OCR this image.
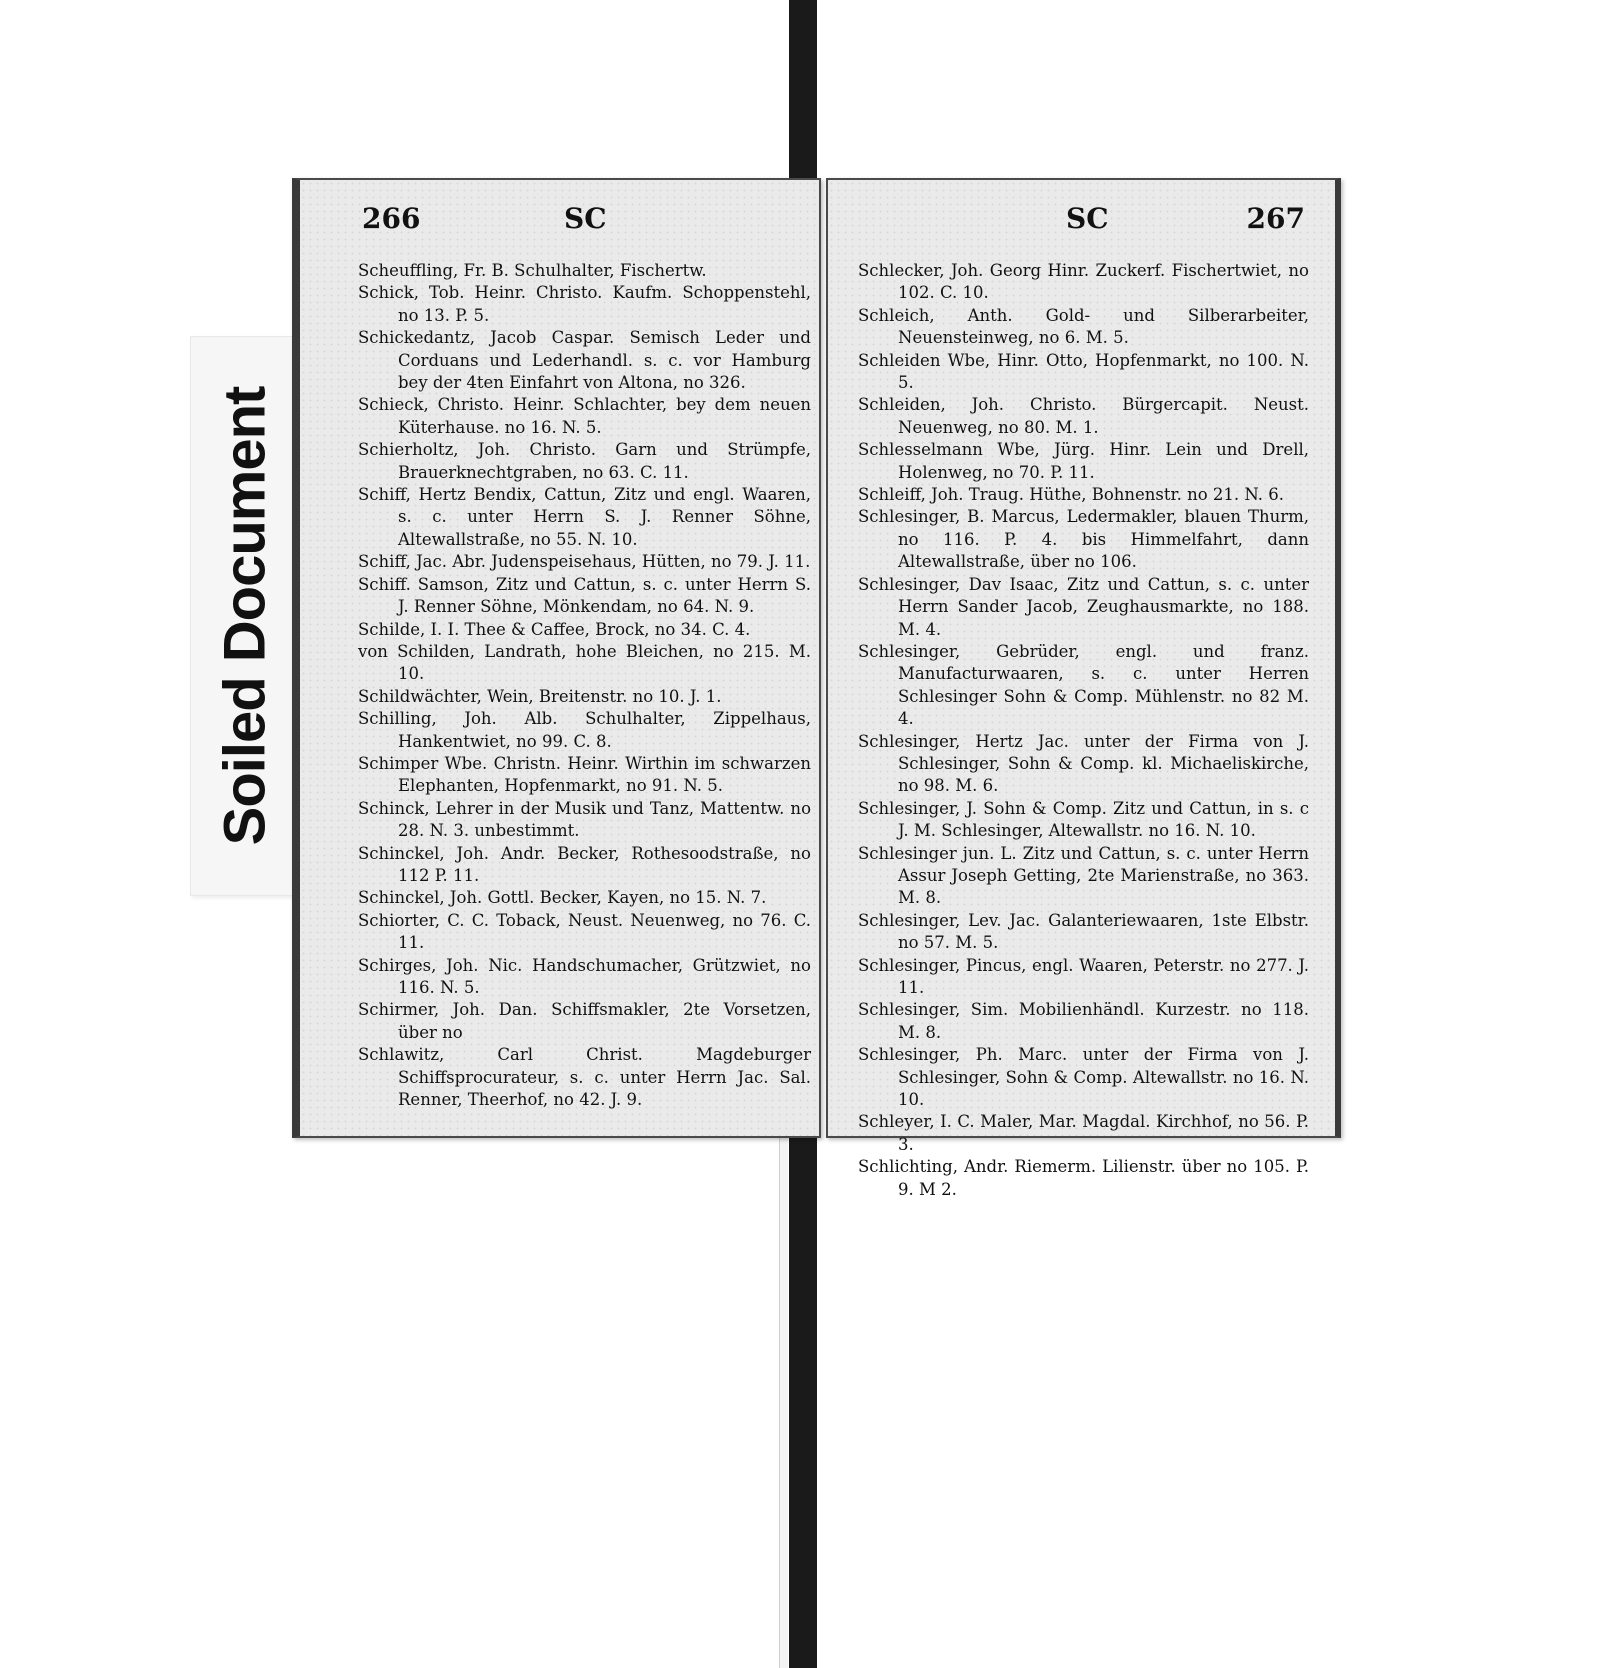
Soiled Document
266	SC
Scheuffling, Fr. B. Schulhalter, Fischertw.
Schick, Tob. Heinr. Christo. Kaufm. Schoppenstehl, no 13. P. 5.
Schickedantz, Jacob Caspar. Semisch Leder und Corduans und Lederhandl. s. c. vor Hamburg bey der 4ten Einfahrt von Altona, no 326.
Schieck, Christo. Heinr. Schlachter, bey dem neuen Küterhause. no 16. N. 5.
Schierholtz, Joh. Christo. Garn und Strümpfe, Brauerknechtgraben, no 63. C. 11.
Schiff, Hertz Bendix, Cattun, Zitz und engl. Waaren, s. c. unter Herrn S. J. Renner Söhne, Altewallstraße, no 55. N. 10.
Schiff, Jac. Abr. Judenspeisehaus, Hütten, no 79. J. 11.
Schiff. Samson, Zitz und Cattun, s. c. unter Herrn S. J. Renner Söhne, Mönkendam, no 64. N. 9.
Schilde, I. I. Thee & Caffee, Brock, no 34. C. 4.
von Schilden, Landrath, hohe Bleichen, no 215. M. 10.
Schildwächter, Wein, Breitenstr. no 10. J. 1.
Schilling, Joh. Alb. Schulhalter, Zippelhaus, Hankentwiet, no 99. C. 8.
Schimper Wbe. Christn. Heinr. Wirthin im schwarzen Elephanten, Hopfenmarkt, no 91. N. 5.
Schinck, Lehrer in der Musik und Tanz, Mattentw. no 28. N. 3. unbestimmt.
Schinckel, Joh. Andr. Becker, Rothesoodstraße, no 112 P. 11.
Schinckel, Joh. Gottl. Becker, Kayen, no 15. N. 7.
Schiorter, C. C. Toback, Neust. Neuenweg, no 76. C. 11.
Schirges, Joh. Nic. Handschumacher, Grützwiet, no 116. N. 5.
Schirmer, Joh. Dan. Schiffsmakler, 2te Vorsetzen, über no
Schlawitz, Carl Christ. Magdeburger Schiffsprocurateur, s. c. unter Herrn Jac. Sal. Renner, Theerhof, no 42. J. 9.
267
SC
Schlecker, Joh. Georg Hinr. Zuckerf. Fischertwiet, no 102. C. 10.
Schleich, Anth. Gold- und Silberarbeiter, Neuensteinweg, no 6. M. 5.
Schleiden Wbe, Hinr. Otto, Hopfenmarkt, no 100. N. 5.
Schleiden, Joh. Christo. Bürgercapit. Neust. Neuenweg, no 80. M. 1.
Schlesselmann Wbe, Jürg. Hinr. Lein und Drell, Holenweg, no 70. P. 11.
Schleiff, Joh. Traug. Hüthe, Bohnenstr. no 21. N. 6.
Schlesinger, B. Marcus, Ledermakler, blauen Thurm, no 116. P. 4. bis Himmelfahrt, dann Altewallstraße, über no 106.
Schlesinger, Dav Isaac, Zitz und Cattun, s. c. unter Herrn Sander Jacob, Zeughausmarkte, no 188. M. 4.
Schlesinger, Gebrüder, engl. und franz. Manufacturwaaren, s. c. unter Herren Schlesinger Sohn & Comp. Mühlenstr. no 82 M. 4.
Schlesinger, Hertz Jac. unter der Firma von J. Schlesinger, Sohn & Comp. kl. Michaeliskirche, no 98. M. 6.
Schlesinger, J. Sohn & Comp. Zitz und Cattun, in s. c J. M. Schlesinger, Altewallstr. no 16. N. 10.
Schlesinger jun. L. Zitz und Cattun, s. c. unter Herrn Assur Joseph Getting, 2te Marienstraße, no 363. M. 8.
Schlesinger, Lev. Jac. Galanteriewaaren, 1ste Elbstr. no 57. M. 5.
Schlesinger, Pincus, engl. Waaren, Peterstr. no 277. J. 11.
Schlesinger, Sim. Mobilienhändl. Kurzestr. no 118. M. 8.
Schlesinger, Ph. Marc. unter der Firma von J. Schlesinger, Sohn & Comp. Altewallstr. no 16. N. 10.
Schleyer, I. C. Maler, Mar. Magdal. Kirchhof, no 56. P. 3.
Schlichting, Andr. Riemerm. Lilienstr. über no 105. P. 9. M 2.
